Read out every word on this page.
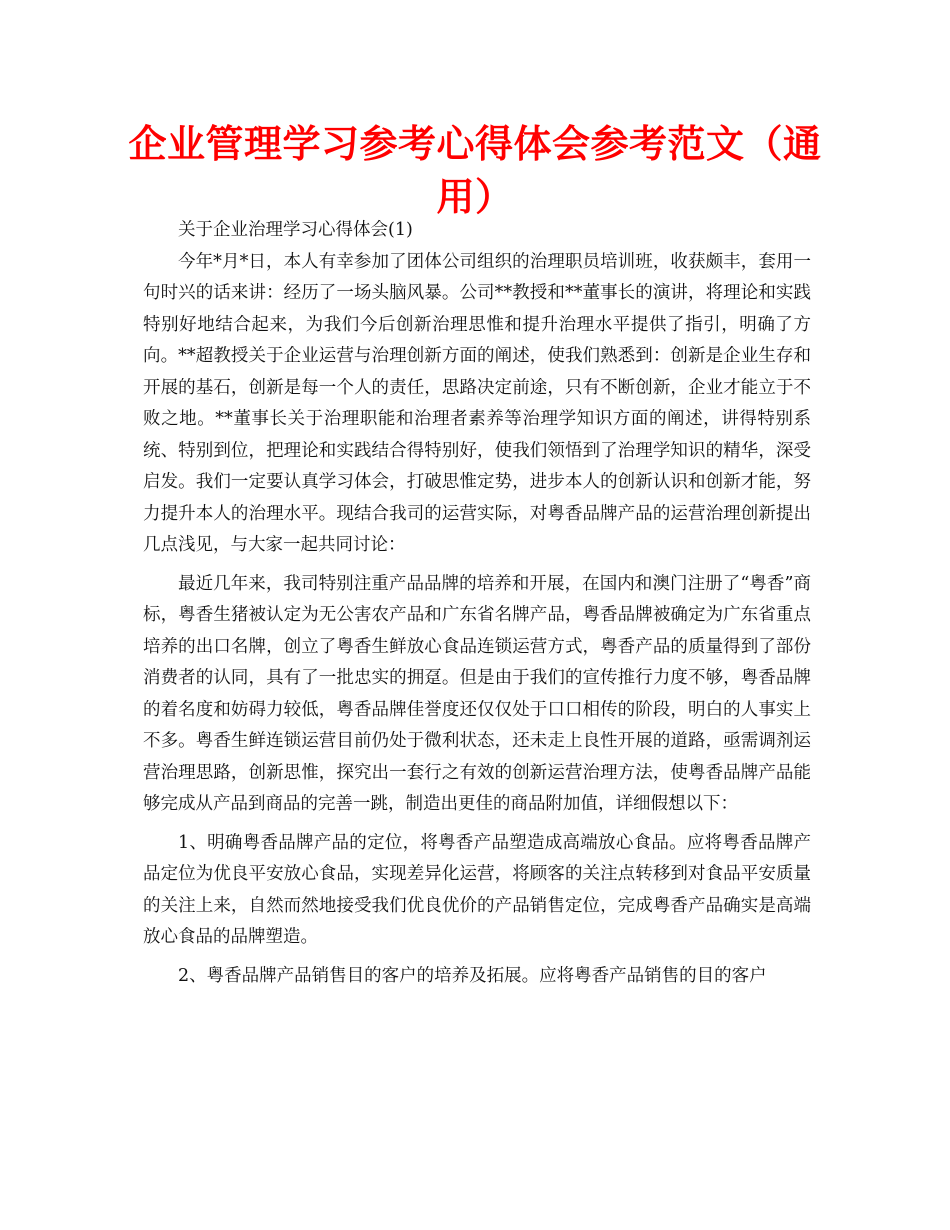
企业管理学习参考心得体会参考范文（通用）

关于企业治理学习心得体会(1)

今年*月*日，本人有幸参加了团体公司组织的治理职员培训班，收获颇丰，套用一句时兴的话来讲：经历了一场头脑风暴。公司**教授和**董事长的演讲，将理论和实践特别好地结合起来，为我们今后创新治理思惟和提升治理水平提供了指引，明确了方向。**超教授关于企业运营与治理创新方面的阐述，使我们熟悉到：创新是企业生存和开展的基石，创新是每一个人的责任，思路决定前途，只有不断创新，企业才能立于不败之地。**董事长关于治理职能和治理者素养等治理学知识方面的阐述，讲得特别系统、特别到位，把理论和实践结合得特别好，使我们领悟到了治理学知识的精华，深受启发。我们一定要认真学习体会，打破思惟定势，进步本人的创新认识和创新才能，努力提升本人的治理水平。现结合我司的运营实际，对粤香品牌产品的运营治理创新提出几点浅见，与大家一起共同讨论：

最近几年来，我司特别注重产品品牌的培养和开展，在国内和澳门注册了“粤香”商标，粤香生猪被认定为无公害农产品和广东省名牌产品，粤香品牌被确定为广东省重点培养的出口名牌，创立了粤香生鲜放心食品连锁运营方式，粤香产品的质量得到了部份消费者的认同，具有了一批忠实的拥趸。但是由于我们的宣传推行力度不够，粤香品牌的着名度和妨碍力较低，粤香品牌佳誉度还仅仅处于口口相传的阶段，明白的人事实上不多。粤香生鲜连锁运营目前仍处于微利状态，还未走上良性开展的道路，亟需调剂运营治理思路，创新思惟，探究出一套行之有效的创新运营治理方法，使粤香品牌产品能够完成从产品到商品的完善一跳，制造出更佳的商品附加值，详细假想以下：

1、明确粤香品牌产品的定位，将粤香产品塑造成高端放心食品。应将粤香品牌产品定位为优良平安放心食品，实现差异化运营，将顾客的关注点转移到对食品平安质量的关注上来，自然而然地接受我们优良优价的产品销售定位，完成粤香产品确实是高端 放心食品的品牌塑造。

2、粤香品牌产品销售目的客户的培养及拓展。应将粤香产品销售的目的客户
